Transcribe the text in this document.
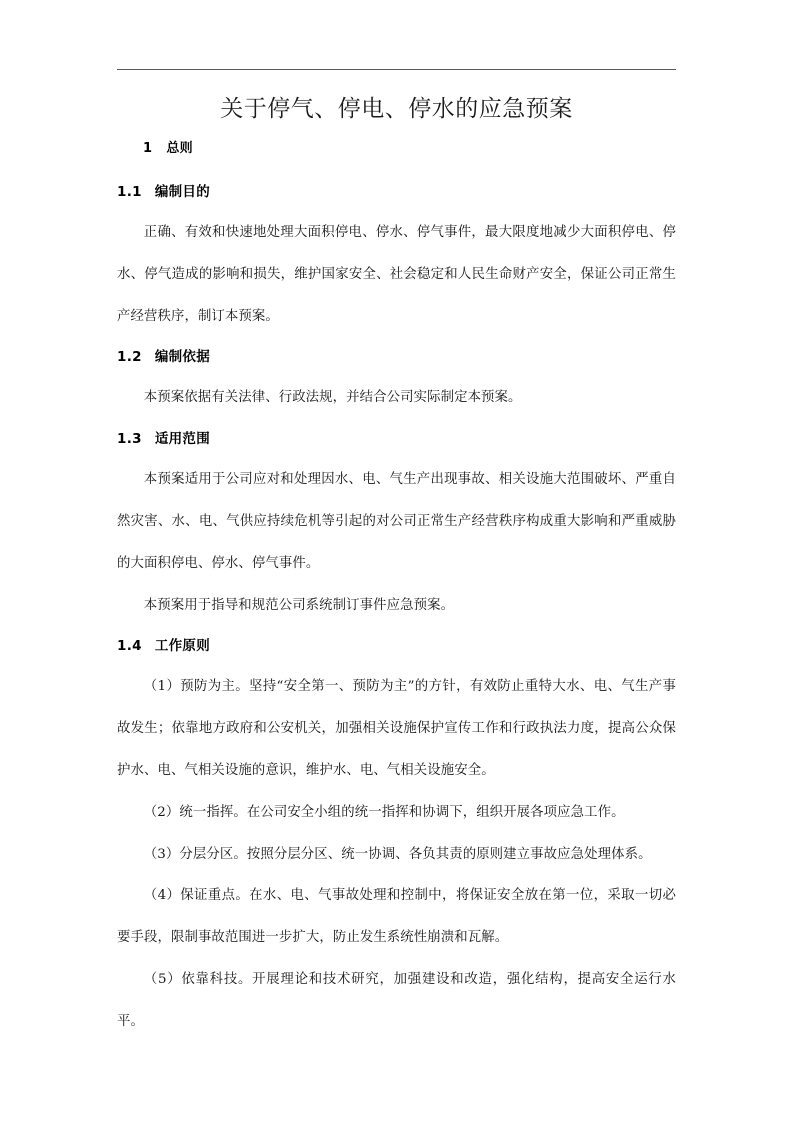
关于停气、停电、停水的应急预案
1 总则
1.1 编制目的

正确、有效和快速地处理大面积停电、停水、停气事件，最大限度地减少大面积停电、停水、停气造成的影响和损失，维护国家安全、社会稳定和人民生命财产安全，保证公司正常生产经营秩序，制订本预案。

1.2 编制依据

本预案依据有关法律、行政法规，并结合公司实际制定本预案。

1.3 适用范围

本预案适用于公司应对和处理因水、电、气生产出现事故、相关设施大范围破坏、严重自然灾害、水、电、气供应持续危机等引起的对公司正常生产经营秩序构成重大影响和严重威胁的大面积停电、停水、停气事件。

本预案用于指导和规范公司系统制订事件应急预案。

1.4 工作原则

（1）预防为主。坚持“安全第一、预防为主”的方针，有效防止重特大水、电、气生产事故发生；依靠地方政府和公安机关，加强相关设施保护宣传工作和行政执法力度，提高公众保护水、电、气相关设施的意识，维护水、电、气相关设施安全。

（2）统一指挥。在公司安全小组的统一指挥和协调下，组织开展各项应急工作。

（3）分层分区。按照分层分区、统一协调、各负其责的原则建立事故应急处理体系。

（4）保证重点。在水、电、气事故处理和控制中，将保证安全放在第一位，采取一切必要手段，限制事故范围进一步扩大，防止发生系统性崩溃和瓦解。

（5）依靠科技。开展理论和技术研究，加强建设和改造，强化结构，提高安全运行水平。
